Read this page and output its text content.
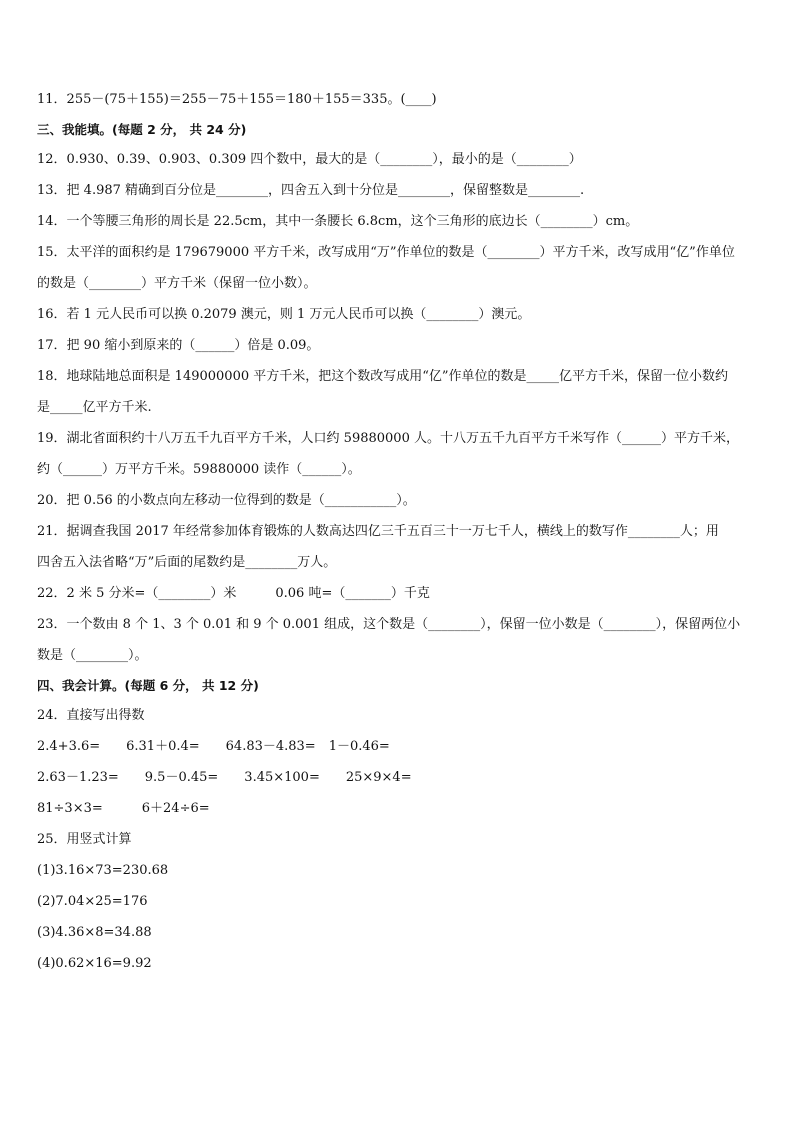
11．255－(75＋155)＝255－75＋155＝180＋155＝335。(____)
三、我能填。(每题 2 分， 共 24 分)
12．0.930、0.39、0.903、0.309 四个数中，最大的是（________），最小的是（________）
13．把 4.987 精确到百分位是________，四舍五入到十分位是________，保留整数是________.
14．一个等腰三角形的周长是 22.5cm，其中一条腰长 6.8cm，这个三角形的底边长（________）cm。
15．太平洋的面积约是 179679000 平方千米，改写成用“万”作单位的数是（________）平方千米，改写成用“亿”作单位
的数是（________）平方千米（保留一位小数）。
16．若 1 元人民币可以换 0.2079 澳元，则 1 万元人民币可以换（________）澳元。
17．把 90 缩小到原来的（______）倍是 0.09。
18．地球陆地总面积是 149000000 平方千米，把这个数改写成用“亿”作单位的数是_____亿平方千米，保留一位小数约
是_____亿平方千米.
19．湖北省面积约十八万五千九百平方千米，人口约 59880000 人。十八万五千九百平方千米写作（______）平方千米，
约（______）万平方千米。59880000 读作（______）。
20．把 0.56 的小数点向左移动一位得到的数是（___________）。
21．据调查我国 2017 年经常参加体育锻炼的人数高达四亿三千五百三十一万七千人，横线上的数写作________人；用
四舍五入法省略“万”后面的尾数约是________万人。
22．2 米 5 分米=（________）米　　　0.06 吨=（_______）千克
23．一个数由 8 个 1、3 个 0.01 和 9 个 0.001 组成，这个数是（________），保留一位小数是（________），保留两位小
数是（________）。
四、我会计算。(每题 6 分， 共 12 分)
24．直接写出得数
2.4+3.6=　　6.31＋0.4=　　64.83－4.83=　1－0.46=
2.63－1.23=　　9.5－0.45=　　3.45×100=　　25×9×4=
81÷3×3=　　　6＋24÷6=
25．用竖式计算
(1)3.16×73=230.68
(2)7.04×25=176
(3)4.36×8=34.88
(4)0.62×16=9.92
